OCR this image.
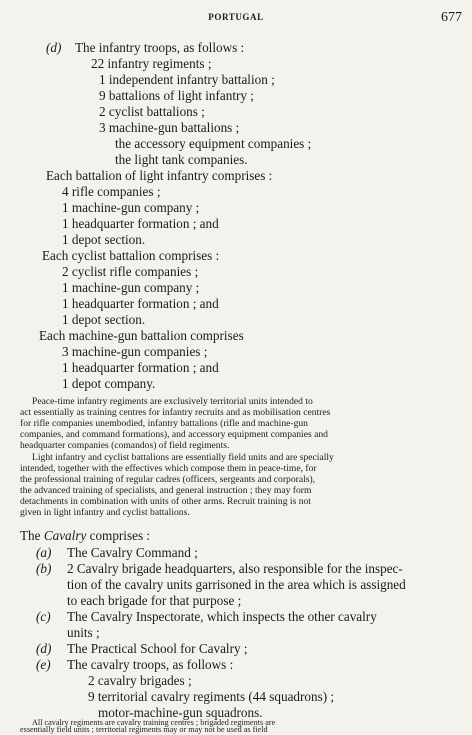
PORTUGAL	677
(d) The infantry troops, as follows :
22 infantry regiments ;
1 independent infantry battalion ;
9 battalions of light infantry ;
2 cyclist battalions ;
3 machine-gun battalions ;
the accessory equipment companies ;
the light tank companies.
Each battalion of light infantry comprises :
4 rifle companies ;
1 machine-gun company ;
1 headquarter formation ; and
1 depot section.
Each cyclist battalion comprises :
2 cyclist rifle companies ;
1 machine-gun company ;
1 headquarter formation ; and
1 depot section.
Each machine-gun battalion comprises
3 machine-gun companies ;
1 headquarter formation ; and
1 depot company.
Peace-time infantry regiments are exclusively territorial units intended to
act essentially as training centres for infantry recruits and as mobilisation centres
for rifle companies unembodied, infantry battalions (rifle and machine-gun
companies, and command formations), and accessory equipment companies and
headquarter companies (comandos) of field regiments.
Light infantry and cyclist battalions are essentially field units and are specially
intended, together with the effectives which compose them in peace-time, for
the professional training of regular cadres (officers, sergeants and corporals),
the advanced training of specialists, and general instruction ; they may form
detachments in combination with units of other arms. Recruit training is not
given in light infantry and cyclist battalions.
The Cavalry comprises :
(a) The Cavalry Command ;
(b) 2 Cavalry brigade headquarters, also responsible for the inspec-
tion of the cavalry units garrisoned in the area which is assigned
to each brigade for that purpose ;
(c) The Cavalry Inspectorate, which inspects the other cavalry
units ;
(d) The Practical School for Cavalry ;
(e) The cavalry troops, as follows :
2 cavalry brigades ;
9 territorial cavalry regiments (44 squadrons) ;
motor-machine-gun squadrons.
All cavalry regiments are cavalry training centres ; brigaded regiments are
essentially field units ; territorial regiments may or may not be used as field
